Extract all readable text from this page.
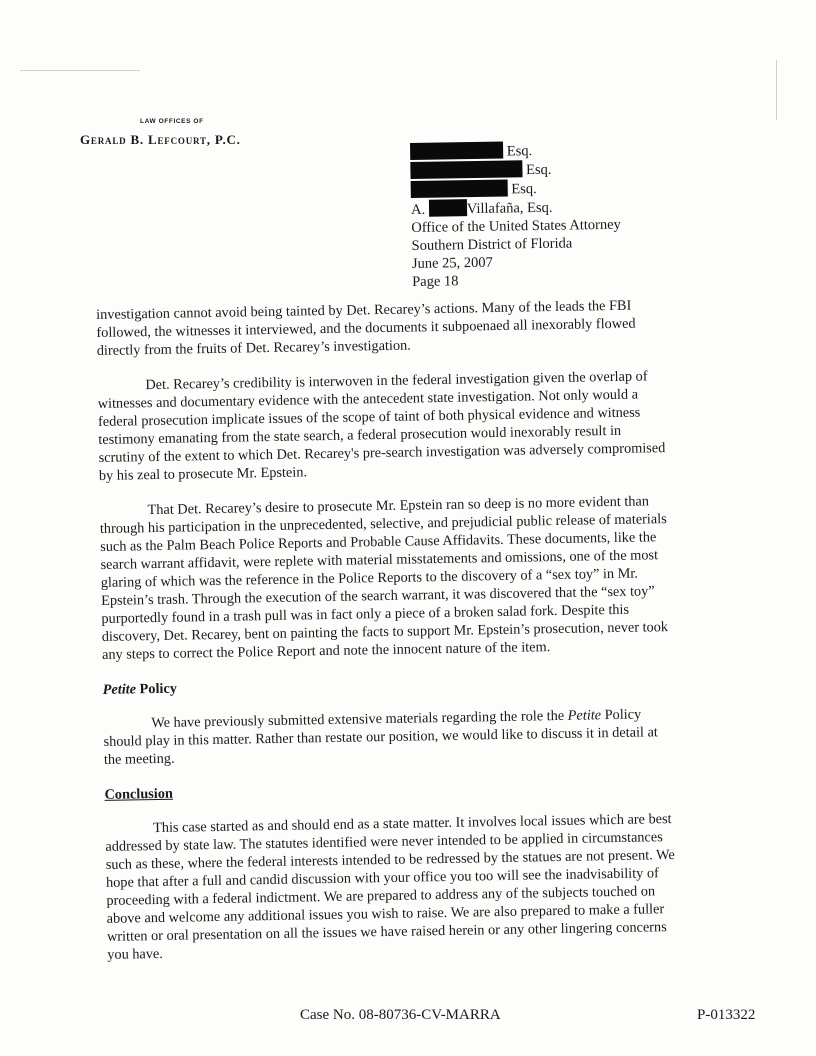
LAW OFFICES OF
Gerald B. Lefcourt, P.C.
Esq.
Esq.
Esq.
A.	Villafaña, Esq.
Office of the United States Attorney
Southern District of Florida
June 25, 2007
Page 18

investigation cannot avoid being tainted by Det. Recarey’s actions. Many of the leads the FBI followed, the witnesses it interviewed, and the documents it subpoenaed all inexorably flowed directly from the fruits of Det. Recarey’s investigation.

Det. Recarey’s credibility is interwoven in the federal investigation given the overlap of witnesses and documentary evidence with the antecedent state investigation. Not only would a federal prosecution implicate issues of the scope of taint of both physical evidence and witness testimony emanating from the state search, a federal prosecution would inexorably result in scrutiny of the extent to which Det. Recarey's pre-search investigation was adversely compromised by his zeal to prosecute Mr. Epstein.

That Det. Recarey’s desire to prosecute Mr. Epstein ran so deep is no more evident than through his participation in the unprecedented, selective, and prejudicial public release of materials such as the Palm Beach Police Reports and Probable Cause Affidavits. These documents, like the search warrant affidavit, were replete with material misstatements and omissions, one of the most glaring of which was the reference in the Police Reports to the discovery of a “sex toy” in Mr. Epstein’s trash. Through the execution of the search warrant, it was discovered that the “sex toy” purportedly found in a trash pull was in fact only a piece of a broken salad fork. Despite this discovery, Det. Recarey, bent on painting the facts to support Mr. Epstein’s prosecution, never took any steps to correct the Police Report and note the innocent nature of the item.

Petite Policy

We have previously submitted extensive materials regarding the role the Petite Policy should play in this matter. Rather than restate our position, we would like to discuss it in detail at the meeting.

Conclusion

This case started as and should end as a state matter. It involves local issues which are best addressed by state law. The statutes identified were never intended to be applied in circumstances such as these, where the federal interests intended to be redressed by the statues are not present. We hope that after a full and candid discussion with your office you too will see the inadvisability of proceeding with a federal indictment. We are prepared to address any of the subjects touched on above and welcome any additional issues you wish to raise. We are also prepared to make a fuller written or oral presentation on all the issues we have raised herein or any other lingering concerns you have.

Case No. 08-80736-CV-MARRA	P-013322
